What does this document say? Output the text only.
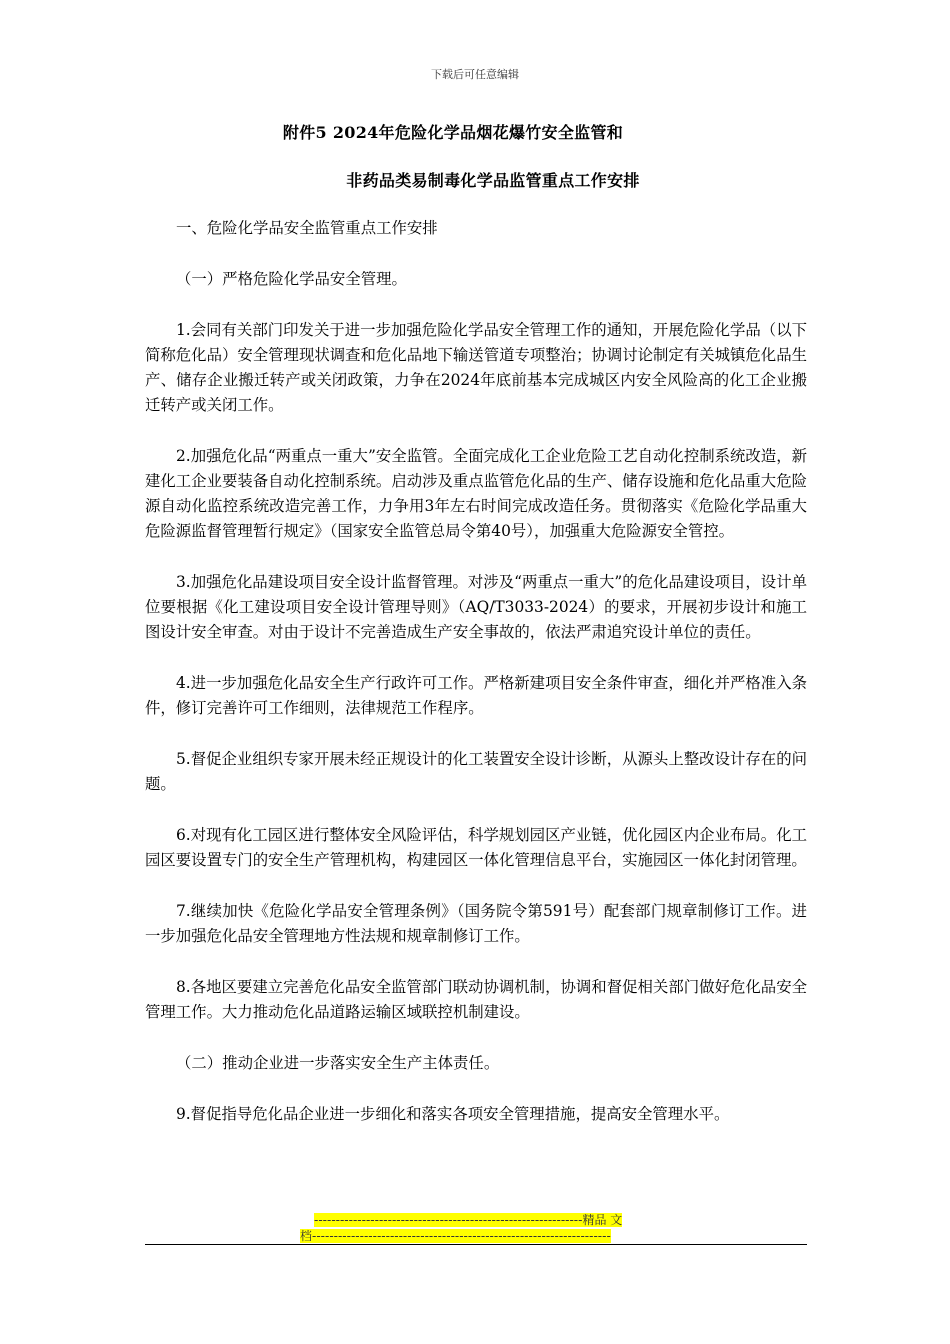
下载后可任意编辑
附件5 2024年危险化学品烟花爆竹安全监管和
非药品类易制毒化学品监管重点工作安排

一、危险化学品安全监管重点工作安排

（一）严格危险化学品安全管理。

1.会同有关部门印发关于进一步加强危险化学品安全管理工作的通知，开展危险化学品（以下简称危化品）安全管理现状调查和危化品地下输送管道专项整治；协调讨论制定有关城镇危化品生产、储存企业搬迁转产或关闭政策，力争在2024年底前基本完成城区内安全风险高的化工企业搬迁转产或关闭工作。

2.加强危化品“两重点一重大”安全监管。全面完成化工企业危险工艺自动化控制系统改造，新建化工企业要装备自动化控制系统。启动涉及重点监管危化品的生产、储存设施和危化品重大危险源自动化监控系统改造完善工作，力争用3年左右时间完成改造任务。贯彻落实《危险化学品重大危险源监督管理暂行规定》（国家安全监管总局令第40号），加强重大危险源安全管控。

3.加强危化品建设项目安全设计监督管理。对涉及“两重点一重大”的危化品建设项目，设计单位要根据《化工建设项目安全设计管理导则》（AQ/T3033-2024）的要求，开展初步设计和施工图设计安全审查。对由于设计不完善造成生产安全事故的，依法严肃追究设计单位的责任。

4.进一步加强危化品安全生产行政许可工作。严格新建项目安全条件审查，细化并严格准入条件，修订完善许可工作细则，法律规范工作程序。

5.督促企业组织专家开展未经正规设计的化工装置安全设计诊断，从源头上整改设计存在的问题。

6.对现有化工园区进行整体安全风险评估，科学规划园区产业链，优化园区内企业布局。化工园区要设置专门的安全生产管理机构，构建园区一体化管理信息平台，实施园区一体化封闭管理。

7.继续加快《危险化学品安全管理条例》（国务院令第591号）配套部门规章制修订工作。进一步加强危化品安全管理地方性法规和规章制修订工作。

8.各地区要建立完善危化品安全监管部门联动协调机制，协调和督促相关部门做好危化品安全管理工作。大力推动危化品道路运输区域联控机制建设。

（二）推动企业进一步落实安全生产主体责任。

9.督促指导危化品企业进一步细化和落实各项安全管理措施，提高安全管理水平。

--------------------------------------------------------------精品 文
档---------------------------------------------------------------------
